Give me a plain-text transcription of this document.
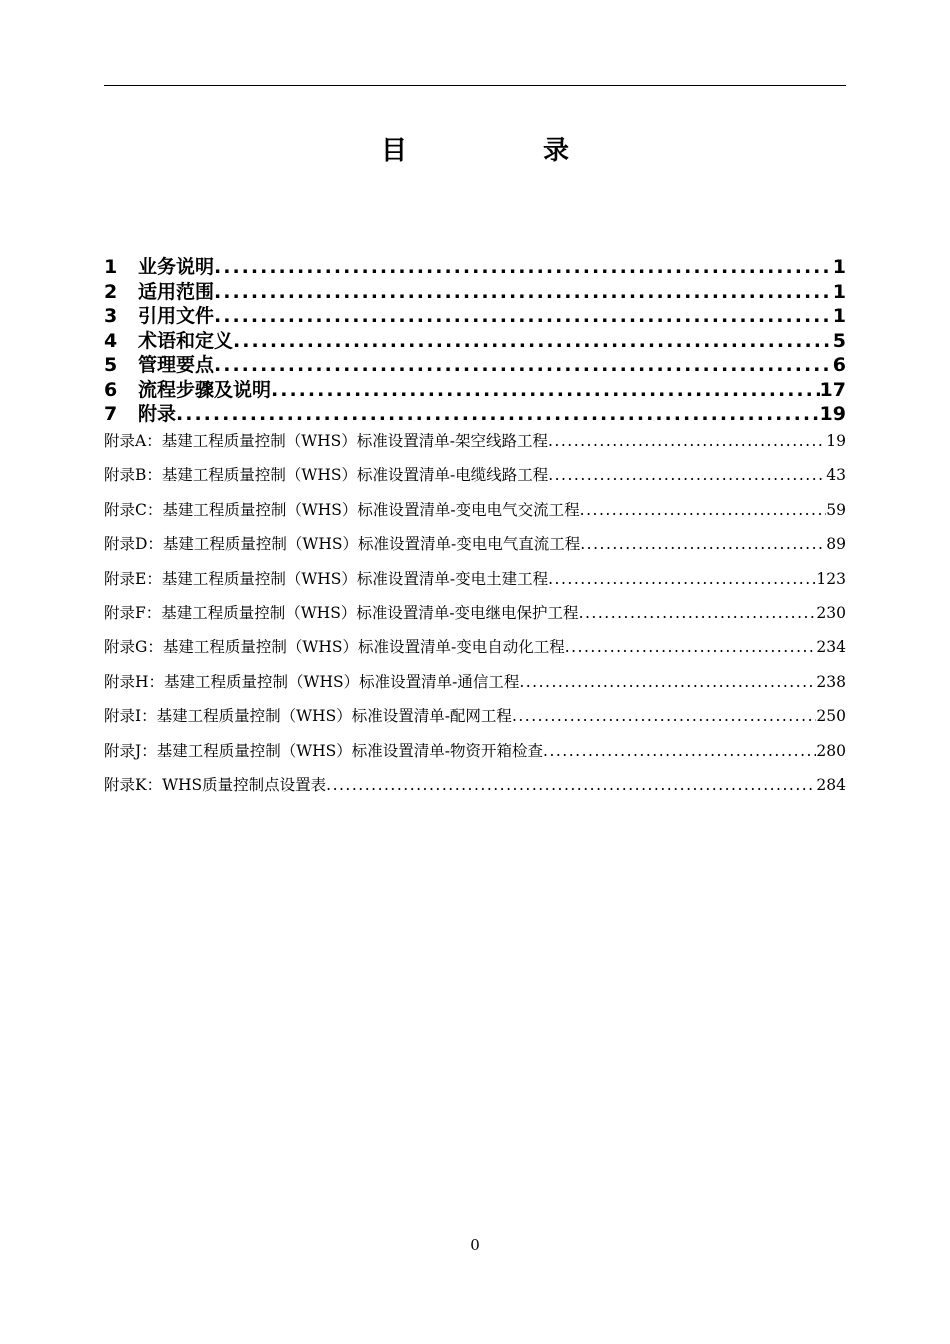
目　录
1	业务说明 .....	1
2	适用范围 .....	1
3	引用文件 .....	1
4	术语和定义 .....	5
5	管理要点 .....	6
6	流程步骤及说明 .....	17
7	附录 .....	19
附录A：基建工程质量控制（WHS）标准设置清单-架空线路工程 .....	19
附录B：基建工程质量控制（WHS）标准设置清单-电缆线路工程 .....	43
附录C：基建工程质量控制（WHS）标准设置清单-变电电气交流工程 .....	59
附录D：基建工程质量控制（WHS）标准设置清单-变电电气直流工程 .....	89
附录E：基建工程质量控制（WHS）标准设置清单-变电土建工程 .....	123
附录F：基建工程质量控制（WHS）标准设置清单-变电继电保护工程 .....	230
附录G：基建工程质量控制（WHS）标准设置清单-变电自动化工程 .....	234
附录H：基建工程质量控制（WHS）标准设置清单-通信工程 .....	238
附录I：基建工程质量控制（WHS）标准设置清单-配网工程 .....	250
附录J：基建工程质量控制（WHS）标准设置清单-物资开箱检查 .....	280
附录K：WHS质量控制点设置表 .....	284
0
